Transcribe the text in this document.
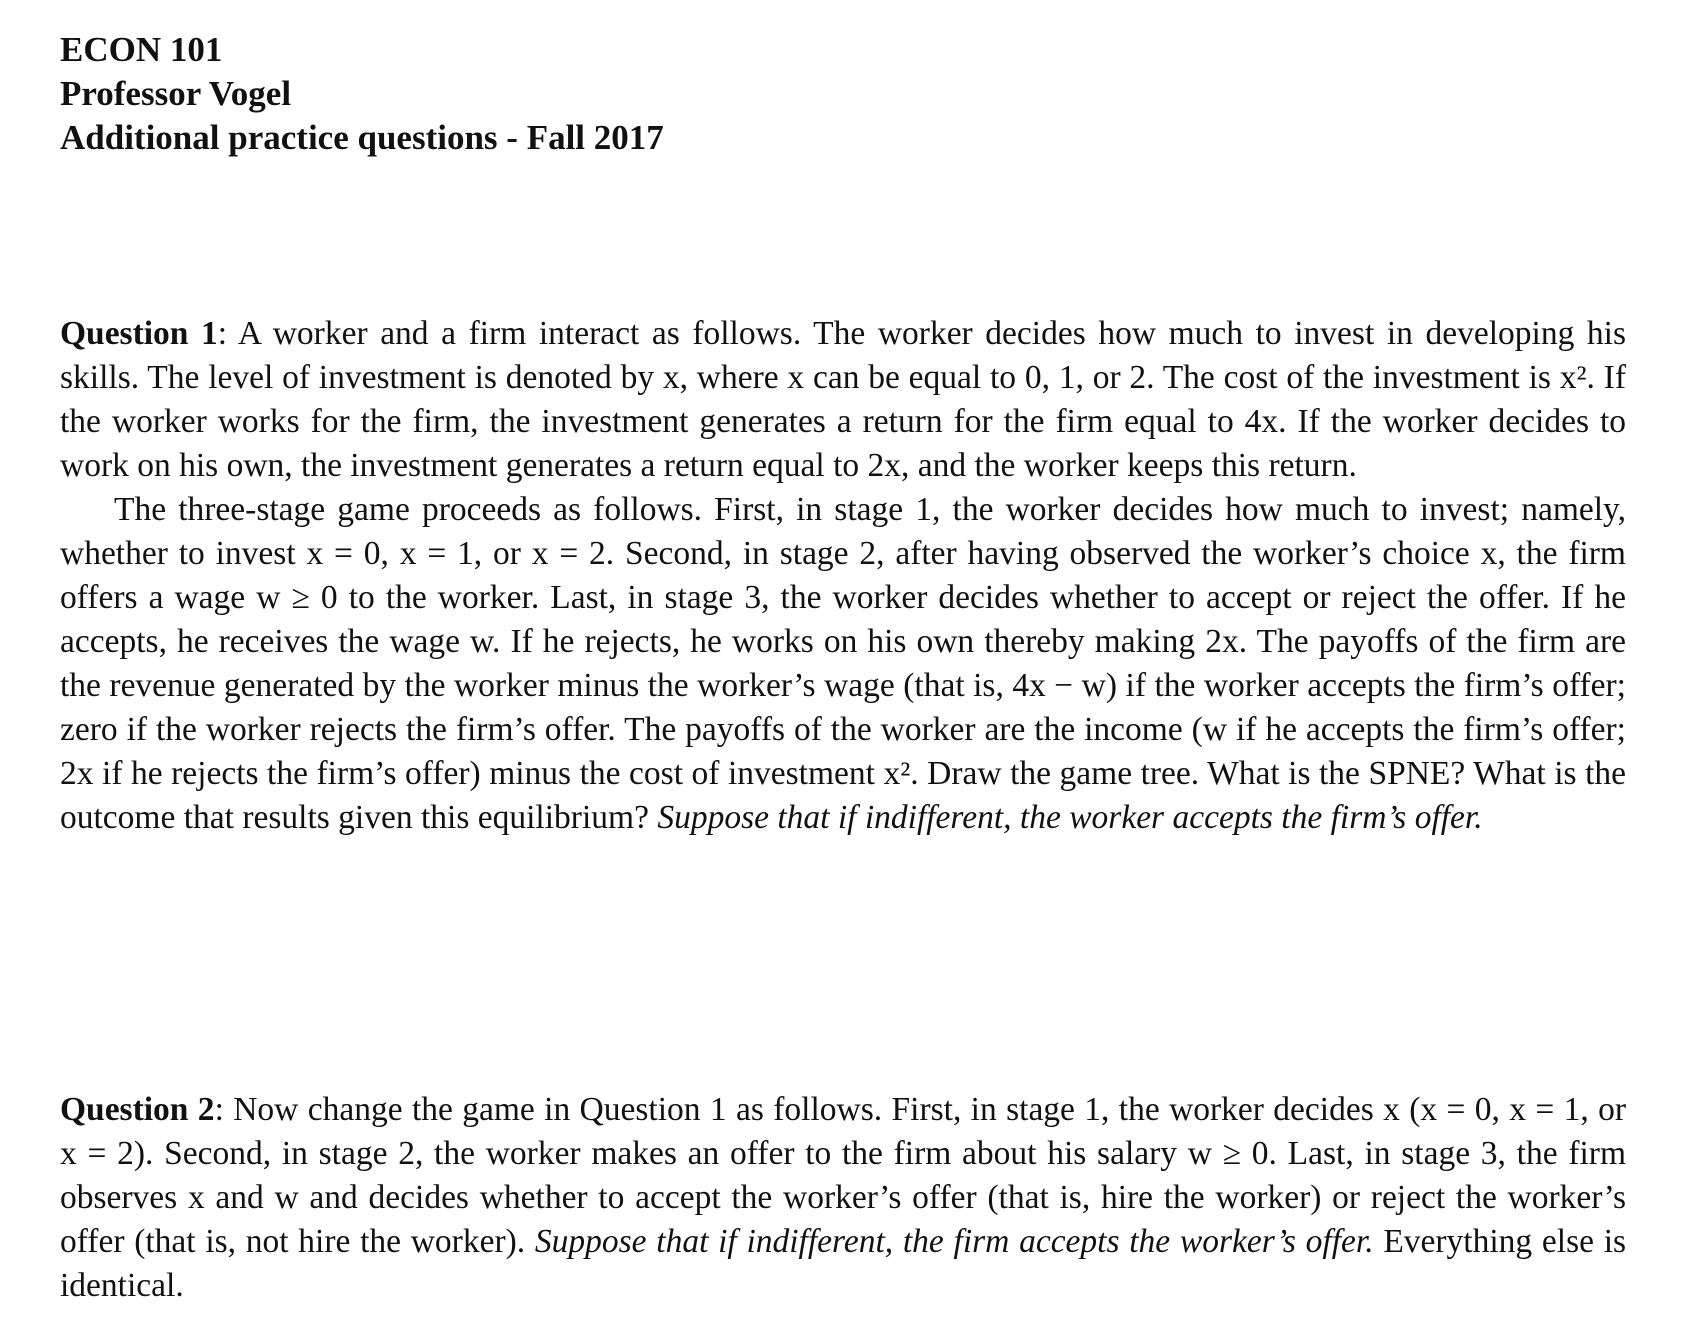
ECON 101
Professor Vogel
Additional practice questions - Fall 2017

Question 1: A worker and a firm interact as follows. The worker decides how much to invest in developing his skills. The level of investment is denoted by x, where x can be equal to 0, 1, or 2. The cost of the investment is x². If the worker works for the firm, the investment generates a return for the firm equal to 4x. If the worker decides to work on his own, the investment generates a return equal to 2x, and the worker keeps this return.

The three-stage game proceeds as follows. First, in stage 1, the worker decides how much to invest; namely, whether to invest x = 0, x = 1, or x = 2. Second, in stage 2, after having observed the worker’s choice x, the firm offers a wage w ≥ 0 to the worker. Last, in stage 3, the worker decides whether to accept or reject the offer. If he accepts, he receives the wage w. If he rejects, he works on his own thereby making 2x. The payoffs of the firm are the revenue generated by the worker minus the worker’s wage (that is, 4x − w) if the worker accepts the firm’s offer; zero if the worker rejects the firm’s offer. The payoffs of the worker are the income (w if he accepts the firm’s offer; 2x if he rejects the firm’s offer) minus the cost of investment x². Draw the game tree. What is the SPNE? What is the outcome that results given this equilibrium? Suppose that if indifferent, the worker accepts the firm’s offer.

Question 2: Now change the game in Question 1 as follows. First, in stage 1, the worker decides x (x = 0, x = 1, or x = 2). Second, in stage 2, the worker makes an offer to the firm about his salary w ≥ 0. Last, in stage 3, the firm observes x and w and decides whether to accept the worker’s offer (that is, hire the worker) or reject the worker’s offer (that is, not hire the worker). Suppose that if indifferent, the firm accepts the worker’s offer. Everything else is identical.
